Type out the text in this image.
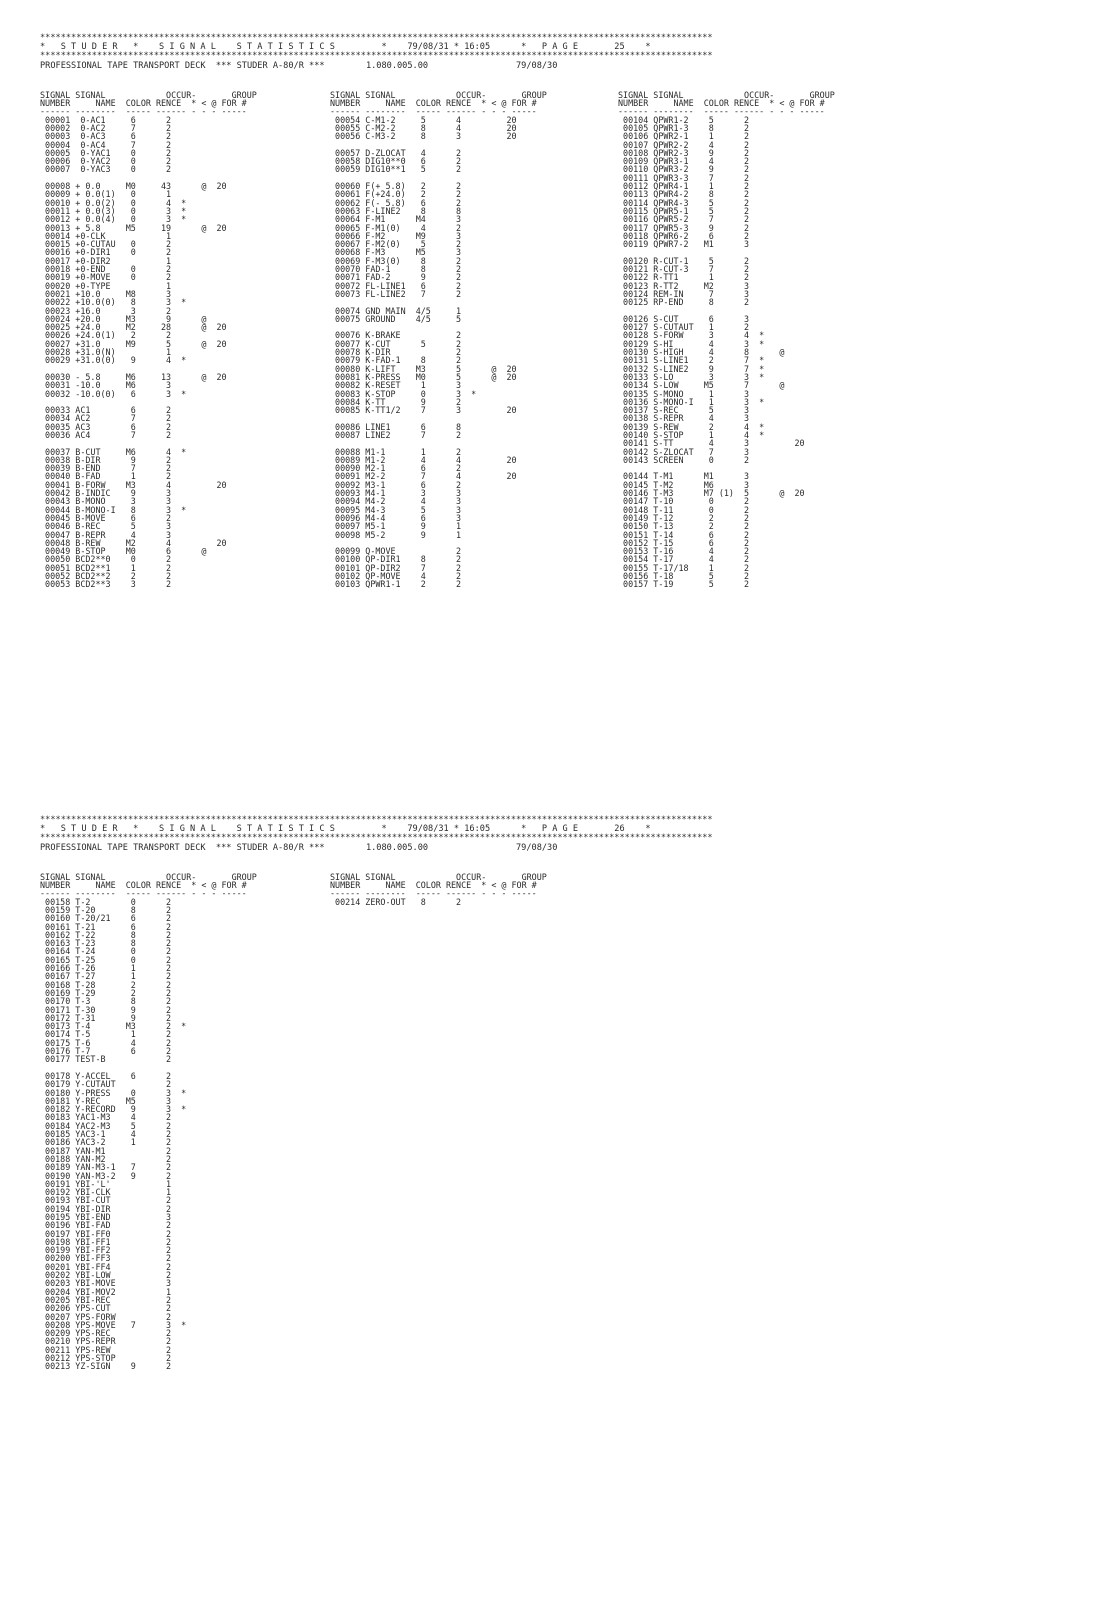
**********************************************************************************************************************************
*   S T U D E R   *    S I G N A L    S T A T I S T I C S         *    79/08/31 * 16:05      *   P A G E       25    *
**********************************************************************************************************************************
PROFESSIONAL TAPE TRANSPORT DECK  *** STUDER A-80/R ***        1.080.005.00                 79/08/30
SIGNAL SIGNAL            OCCUR-       GROUP
NUMBER     NAME  COLOR RENCE  * < @ FOR #
------ --------  ----- ------ - - - -----
00001  0-AC1     6      2
00002  0-AC2     7      2
00003  0-AC3     6      2
00004  0-AC4     7      2
00005  0-YAC1    0      2
00006  0-YAC2    0      2
00007  0-YAC3    0      2

00008 + 0.0     M0     43      @  20
00009 + 0.0(1)   0      1
00010 + 0.0(2)   0      4  *
00011 + 0.0(3)   0      3  *
00012 + 0.0(4)   0      3  *
00013 + 5.8     M5     19      @  20
00014 +0-CLK            1
00015 +0-CUTAU   0      2
00016 +0-DIR1    0      2
00017 +0-DIR2           1
00018 +0-END     0      2
00019 +0-MOVE    0      2
00020 +0-TYPE           1
00021 +10.0     M8      3
00022 +10.0(0)   8      3  *
00023 +16.0      3      2
00024 +20.0     M3      9      @
00025 +24.0     M2     28      @  20
00026 +24.0(1)   2      2
00027 +31.0     M9      5      @  20
00028 +31.0(N)          1
00029 +31.0(0)   9      4  *

00030 - 5.8     M6     13      @  20
00031 -10.0     M6      3
00032 -10.0(0)   6      3  *

00033 AC1        6      2
00034 AC2        7      2
00035 AC3        6      2
00036 AC4        7      2

00037 B-CUT     M6      4  *
00038 B-DIR      9      2
00039 B-END      7      2
00040 B-FAD      1      2
00041 B-FORW    M3      4         20
00042 B-INDIC    9      3
00043 B-MONO     3      3
00044 B-MONO-I   8      3  *
00045 B-MOVE     6      2
00046 B-REC      5      3
00047 B-REPR     4      3
00048 B-REW     M2      4         20
00049 B-STOP    M0      6      @
00050 BCD2**0    0      2
00051 BCD2**1    1      2
00052 BCD2**2    2      2
00053 BCD2**3    3      2
SIGNAL SIGNAL            OCCUR-       GROUP
NUMBER     NAME  COLOR RENCE  * < @ FOR #
------ --------  ----- ------ - - - -----
00054 C-M1-2     5      4         20
00055 C-M2-2     8      4         20
00056 C-M3-2     8      3         20

00057 D-ZLOCAT   4      2
00058 DIG10**0   6      2
00059 DIG10**1   5      2

00060 F(+ 5.8)   2      2
00061 F(+24.0)   2      2
00062 F(- 5.8)   6      2
00063 F-LINE2    8      8
00064 F-M1      M4      3
00065 F-M1(0)    4      2
00066 F-M2      M9      3
00067 F-M2(0)    5      2
00068 F-M3      M5      3
00069 F-M3(0)    8      2
00070 FAD-1      8      2
00071 FAD-2      9      2
00072 FL-LINE1   6      2
00073 FL-LINE2   7      2

00074 GND MAIN  4/5     1
00075 GROUND    4/5     5

00076 K-BRAKE           2
00077 K-CUT      5      2
00078 K-DIR             2
00079 K-FAD-1    8      2
00080 K-LIFT    M3      5      @  20
00081 K-PRESS   M0      5      @  20
00082 K-RESET    1      3
00083 K-STOP     0      3  *
00084 K-TT       9      2
00085 K-TT1/2    7      3         20

00086 LINE1      6      8
00087 LINE2      7      2

00088 M1-1       1      2
00089 M1-2       4      4         20
00090 M2-1       6      2
00091 M2-2       7      4         20
00092 M3-1       6      2
00093 M4-1       3      3
00094 M4-2       4      3
00095 M4-3       5      3
00096 M4-4       6      3
00097 M5-1       9      1
00098 M5-2       9      1

00099 Q-MOVE            2
00100 QP-DIR1    8      2
00101 QP-DIR2    7      2
00102 QP-MOVE    4      2
00103 QPWR1-1    2      2
SIGNAL SIGNAL            OCCUR-       GROUP
NUMBER     NAME  COLOR RENCE  * < @ FOR #
------ --------  ----- ------ - - - -----
00104 QPWR1-2    5      2
00105 QPWR1-3    8      2
00106 QPWR2-1    1      2
00107 QPWR2-2    4      2
00108 QPWR2-3    9      2
00109 QPWR3-1    4      2
00110 QPWR3-2    9      2
00111 QPWR3-3    7      2
00112 QPWR4-1    1      2
00113 QPWR4-2    8      2
00114 QPWR4-3    5      2
00115 QPWR5-1    5      2
00116 QPWR5-2    7      2
00117 QPWR5-3    9      2
00118 QPWR6-2    6      2
00119 QPWR7-2   M1      3

00120 R-CUT-1    5      2
00121 R-CUT-3    7      2
00122 R-TT1      1      2
00123 R-TT2     M2      3
00124 REM-IN     7      3
00125 RP-END     8      2

00126 S-CUT      6      3
00127 S-CUTAUT   1      2
00128 S-FORW     3      4  *
00129 S-HI       4      3  *
00130 S-HIGH     4      8      @
00131 S-LINE1    2      7  *
00132 S-LINE2    9      7  *
00133 S-LO       3      3  *
00134 S-LOW     M5      7      @
00135 S-MONO     1      3
00136 S-MONO-I   1      3  *
00137 S-REC      5      3
00138 S-REPR     4      3
00139 S-REW      2      4  *
00140 S-STOP     1      4  *
00141 S-TT       4      3         20
00142 S-ZLOCAT   7      3
00143 SCREEN     0      2

00144 T-M1      M1      3
00145 T-M2      M6      3
00146 T-M3      M7 (1)  5      @  20
00147 T-10       0      2
00148 T-11       0      2
00149 T-12       2      2
00150 T-13       2      2
00151 T-14       6      2
00152 T-15       6      2
00153 T-16       4      2
00154 T-17       4      2
00155 T-17/18    1      2
00156 T-18       5      2
00157 T-19       5      2
**********************************************************************************************************************************
*   S T U D E R   *    S I G N A L    S T A T I S T I C S         *    79/08/31 * 16:05      *   P A G E       26    *
**********************************************************************************************************************************
PROFESSIONAL TAPE TRANSPORT DECK  *** STUDER A-80/R ***        1.080.005.00                 79/08/30
SIGNAL SIGNAL            OCCUR-       GROUP
NUMBER     NAME  COLOR RENCE  * < @ FOR #
------ --------  ----- ------ - - - -----
00158 T-2        0      2
00159 T-20       8      2
00160 T-20/21    6      2
00161 T-21       6      2
00162 T-22       8      2
00163 T-23       8      2
00164 T-24       0      2
00165 T-25       0      2
00166 T-26       1      2
00167 T-27       1      2
00168 T-28       2      2
00169 T-29       2      2
00170 T-3        8      2
00171 T-30       9      2
00172 T-31       9      2
00173 T-4       M3      2  *
00174 T-5        1      2
00175 T-6        4      2
00176 T-7        6      2
00177 TEST-B            2

00178 Y-ACCEL    6      2
00179 Y-CUTAUT          2
00180 Y-PRESS    0      3  *
00181 Y-REC     M5      3
00182 Y-RECORD   9      3  *
00183 YAC1-M3    4      2
00184 YAC2-M3    5      2
00185 YAC3-1     4      2
00186 YAC3-2     1      2
00187 YAN-M1            2
00188 YAN-M2            2
00189 YAN-M3-1   7      2
00190 YAN-M3-2   9      2
00191 YBI-'L'           1
00192 YBI-CLK           1
00193 YBI-CUT           2
00194 YBI-DIR           2
00195 YBI-END           3
00196 YBI-FAD           2
00197 YBI-FF0           2
00198 YBI-FF1           2
00199 YBI-FF2           2
00200 YBI-FF3           2
00201 YBI-FF4           2
00202 YBI-LOW           2
00203 YBI-MOVE          3
00204 YBI-MOV2          1
00205 YBI-REC           2
00206 YPS-CUT           2
00207 YPS-FORW          2
00208 YPS-MOVE   7      3  *
00209 YPS-REC           2
00210 YPS-REPR          2
00211 YPS-REW           2
00212 YPS-STOP          2
00213 YZ-SIGN    9      2
SIGNAL SIGNAL            OCCUR-       GROUP
NUMBER     NAME  COLOR RENCE  * < @ FOR #
------ --------  ----- ------ - - - -----
00214 ZERO-OUT   8      2
